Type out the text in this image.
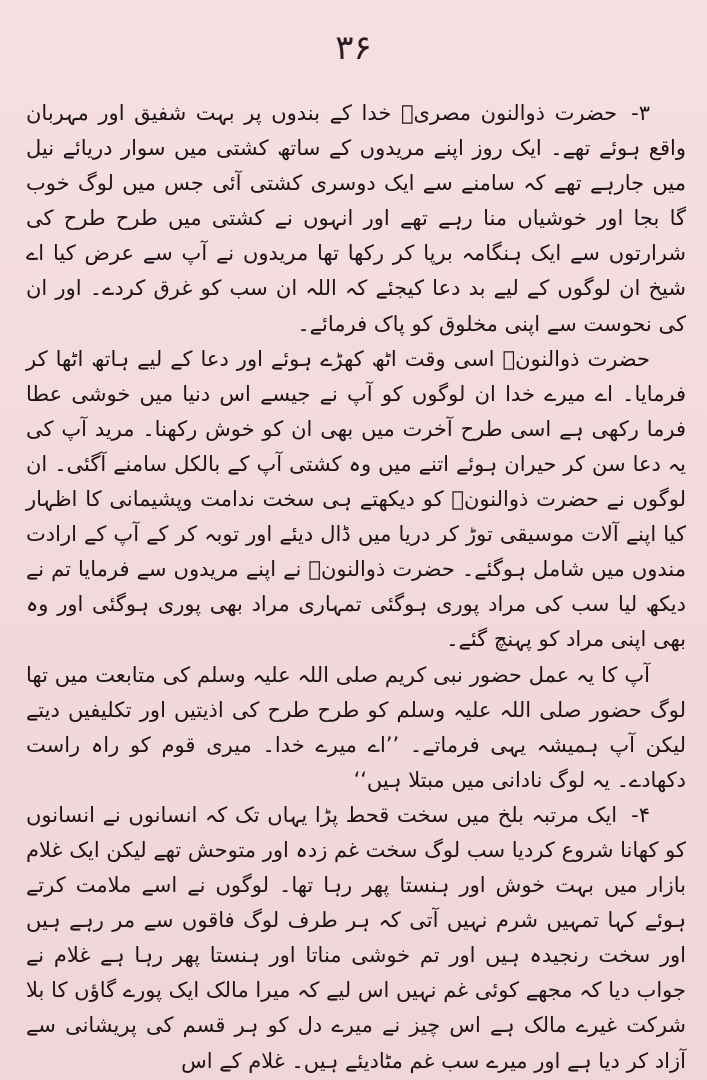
۳۶

۳-حضرت ذوالنون مصریؒ خدا کے بندوں پر بہت شفیق اور مہربان واقع ہوئے تھے۔ ایک روز اپنے مریدوں کے ساتھ کشتی میں سوار دریائے نیل میں جارہے تھے کہ سامنے سے ایک دوسری کشتی آئی جس میں لوگ خوب گا بجا اور خوشیاں منا رہے تھے اور انہوں نے کشتی میں طرح طرح کی شرارتوں سے ایک ہنگامہ برپا کر رکھا تھا مریدوں نے آپ سے عرض کیا اے شیخ ان لوگوں کے لیے بد دعا کیجئے کہ اللہ ان سب کو غرق کردے۔ اور ان کی نحوست سے اپنی مخلوق کو پاک فرمائے۔

حضرت ذوالنونؒ اسی وقت اٹھ کھڑے ہوئے اور دعا کے لیے ہاتھ اٹھا کر فرمایا۔ اے میرے خدا ان لوگوں کو آپ نے جیسے اس دنیا میں خوشی عطا فرما رکھی ہے اسی طرح آخرت میں بھی ان کو خوش رکھنا۔ مرید آپ کی یہ دعا سن کر حیران ہوئے اتنے میں وہ کشتی آپ کے بالکل سامنے آگئی۔ ان لوگوں نے حضرت ذوالنونؒ کو دیکھتے ہی سخت ندامت وپشیمانی کا اظہار کیا اپنے آلات موسیقی توڑ کر دریا میں ڈال دیئے اور توبہ کر کے آپ کے ارادت مندوں میں شامل ہوگئے۔ حضرت ذوالنونؒ نے اپنے مریدوں سے فرمایا تم نے دیکھ لیا سب کی مراد پوری ہوگئی تمہاری مراد بھی پوری ہوگئی اور وہ بھی اپنی مراد کو پہنچ گئے۔

آپ کا یہ عمل حضور نبی کریم صلی اللہ علیہ وسلم کی متابعت میں تھا لوگ حضور صلی اللہ علیہ وسلم کو طرح طرح کی اذیتیں اور تکلیفیں دیتے لیکن آپ ہمیشہ یہی فرماتے۔ ’’اے میرے خدا۔ میری قوم کو راہ راست دکھادے۔ یہ لوگ نادانی میں مبتلا ہیں‘‘

۴-ایک مرتبہ بلخ میں سخت قحط پڑا یہاں تک کہ انسانوں نے انسانوں کو کھانا شروع کردیا سب لوگ سخت غم زدہ اور متوحش تھے لیکن ایک غلام بازار میں بہت خوش اور ہنستا پھر رہا تھا۔ لوگوں نے اسے ملامت کرتے ہوئے کہا تمہیں شرم نہیں آتی کہ ہر طرف لوگ فاقوں سے مر رہے ہیں اور سخت رنجیدہ ہیں اور تم خوشی مناتا اور ہنستا پھر رہا ہے غلام نے جواب دیا کہ مجھے کوئی غم نہیں اس لیے کہ میرا مالک ایک پورے گاؤں کا بلا شرکت غیرے مالک ہے اس چیز نے میرے دل کو ہر قسم کی پریشانی سے آزاد کر دیا ہے اور میرے سب غم مٹادیئے ہیں۔ غلام کے اس
